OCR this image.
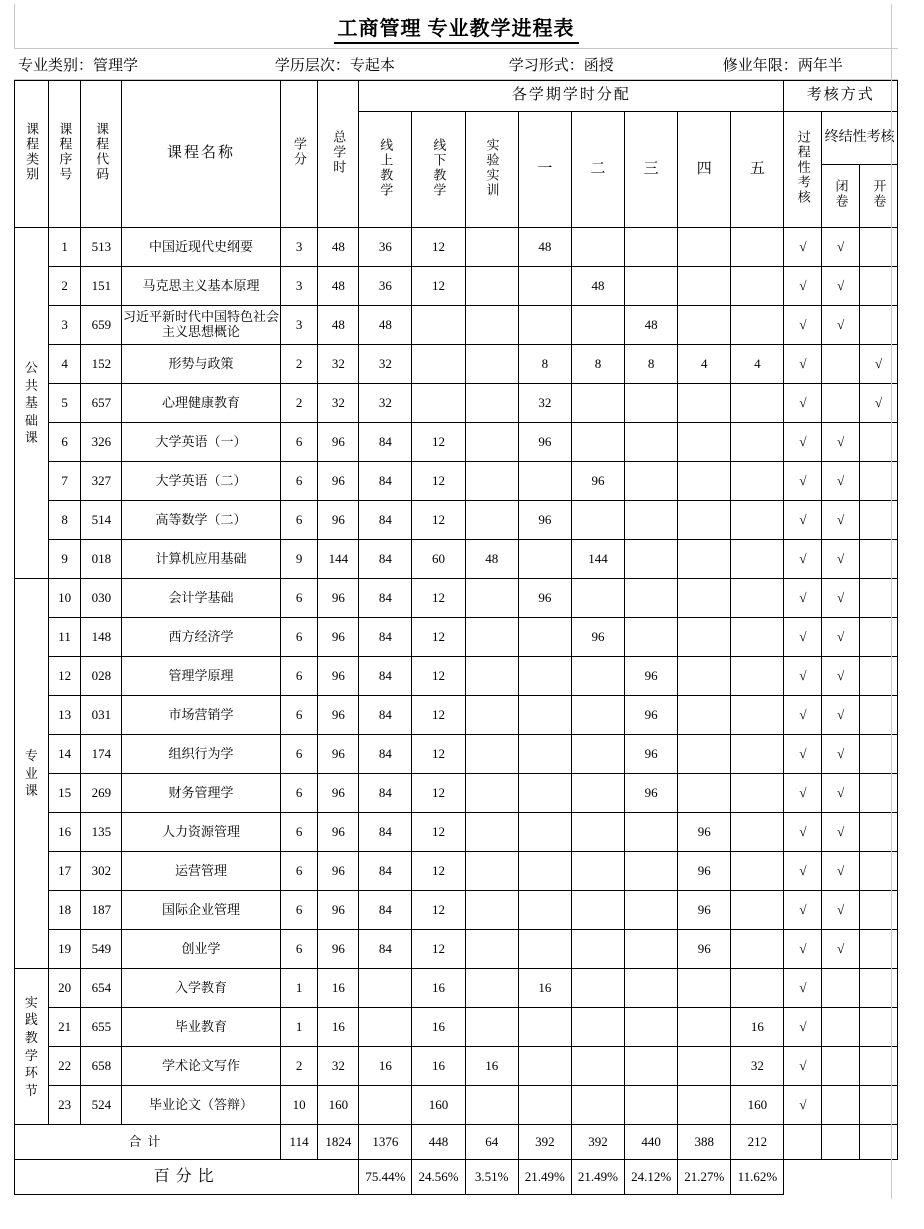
工商管理 专业教学进程表
专业类别：管理学	学历层次：专起本	学习形式：函授	修业年限：两年半
课程类别	课程序号	课程代码	课程名称	学分	总学时	各学期学时分配								考核方式		
						线上教学	线下教学	实验实训	一	二	三	四	五	过程性考核	终结性考核	
															闭卷	开卷

公共基础课	1	513	中国近现代史纲要	3	48	36	12		48					√	√	
	2	151	马克思主义基本原理	3	48	36	12			48				√	√	
	3	659	习近平新时代中国特色社会主义思想概论	3	48	48					48			√	√	
	4	152	形势与政策	2	32	32			8	8	8	4	4	√		√
	5	657	心理健康教育	2	32	32			32					√		√
	6	326	大学英语（一）	6	96	84	12		96					√	√	
	7	327	大学英语（二）	6	96	84	12			96				√	√	
	8	514	高等数学（二）	6	96	84	12		96					√	√	
	9	018	计算机应用基础	9	144	84	60	48		144				√	√	

专业课	10	030	会计学基础	6	96	84	12		96					√	√	
	11	148	西方经济学	6	96	84	12			96				√	√	
	12	028	管理学原理	6	96	84	12				96			√	√	
	13	031	市场营销学	6	96	84	12				96			√	√	
	14	174	组织行为学	6	96	84	12				96			√	√	
	15	269	财务管理学	6	96	84	12				96			√	√	
	16	135	人力资源管理	6	96	84	12					96		√	√	
	17	302	运营管理	6	96	84	12					96		√	√	
	18	187	国际企业管理	6	96	84	12					96		√	√	
	19	549	创业学	6	96	84	12					96		√	√	

实践教学环节	20	654	入学教育	1	16		16		16					√		
	21	655	毕业教育	1	16		16						16	√		
	22	658	学术论文写作	2	32	16	16	16					32	√		
	23	524	毕业论文（答辩）	10	160		160						160	√		
合计				114	1824	1376	448	64	392	392	440	388	212			
百分比						75.44%	24.56%	3.51%	21.49%	21.49%	24.12%	21.27%	11.62%			
